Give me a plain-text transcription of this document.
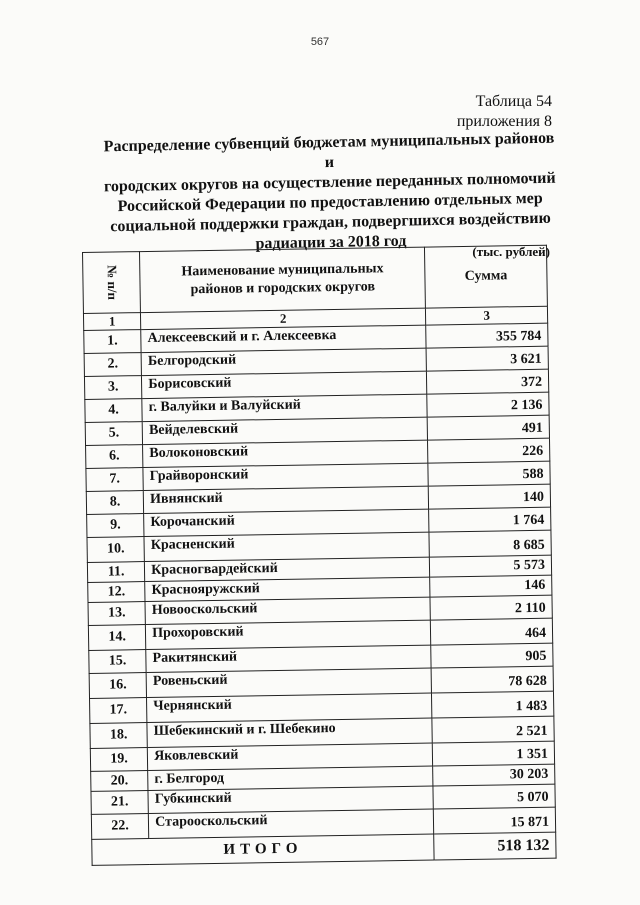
567
Таблица 54
приложения 8
Распределение субвенций бюджетам муниципальных районов и
городских округов на осуществление переданных полномочий
Российской Федерации по предоставлению отдельных мер
социальной поддержки граждан, подвергшихся воздействию
радиации за 2018 год	(тыс. рублей)
№ п/п	Наименование муниципальных
районов и городских округов	Сумма
1	2	3
1.	Алексеевский и г. Алексеевка	355 784
2.	Белгородский	3 621
3.	Борисовский	372
4.	г. Валуйки и Валуйский	2 136
5.	Вейделевский	491
6.	Волоконовский	226
7.	Грайворонский	588
8.	Ивнянский	140
9.	Корочанский	1 764
10.	Красненский	8 685
11.	Красногвардейский	5 573
12.	Краснояружский	146
13.	Новооскольский	2 110
14.	Прохоровский	464
15.	Ракитянский	905
16.	Ровеньский	78 628
17.	Чернянский	1 483
18.	Шебекинский и г. Шебекино	2 521
19.	Яковлевский	1 351
20.	г. Белгород	30 203
21.	Губкинский	5 070
22.	Старооскольский	15 871
ИТОГО		518 132
